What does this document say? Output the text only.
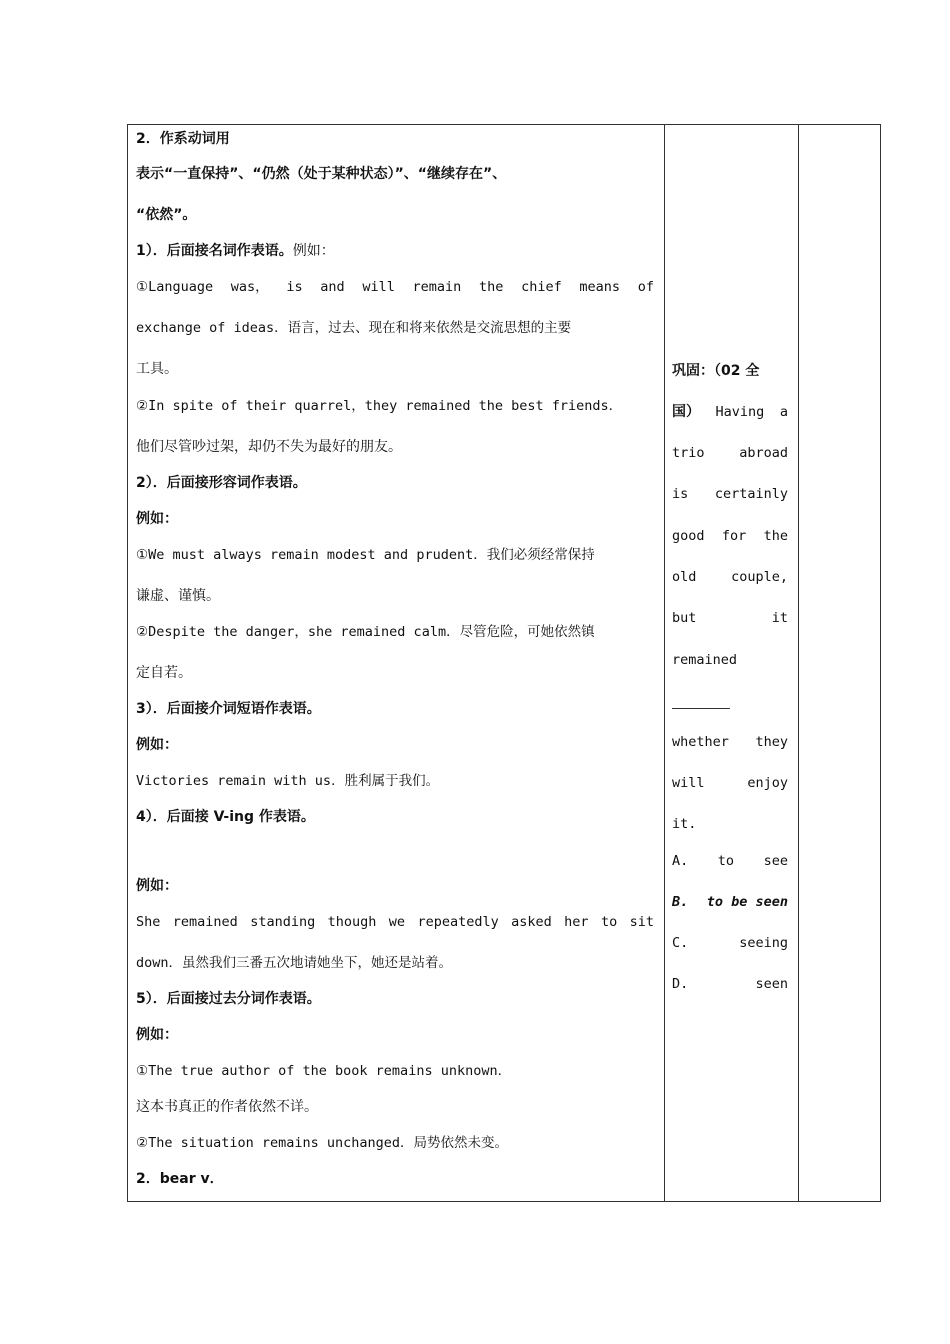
2．作系动词用
表示“一直保持”、“仍然（处于某种状态）”、“继续存在”、
“依然”。
1）．后面接名词作表语。例如：
①Language was， is and will remain the chief means of
exchange of ideas．语言，过去、现在和将来依然是交流思想的主要
工具。
②In spite of their quarrel，they remained the best friends．
他们尽管吵过架，却仍不失为最好的朋友。
2）．后面接形容词作表语。
例如：
①We must always remain modest and prudent．我们必须经常保持
谦虚、谨慎。
②Despite the danger，she remained calm．尽管危险，可她依然镇
定自若。
3）．后面接介词短语作表语。
例如：
Victories remain with us．胜利属于我们。
4）．后面接 V-ing 作表语。
例如：
She remained standing though we repeatedly asked her to sit
down．虽然我们三番五次地请她坐下，她还是站着。
5）．后面接过去分词作表语。
例如：
①The true author of the book remains unknown．
这本书真正的作者依然不详。
②The situation remains unchanged．局势依然未变。
2．bear v．
巩固：（02 全
国） Having a
trio	abroad
is certainly
good for the
old	couple,
but	it
remained
whether they
will	enjoy
it.
A. to see
B. to be seen
C.	seeing
D.	seen
